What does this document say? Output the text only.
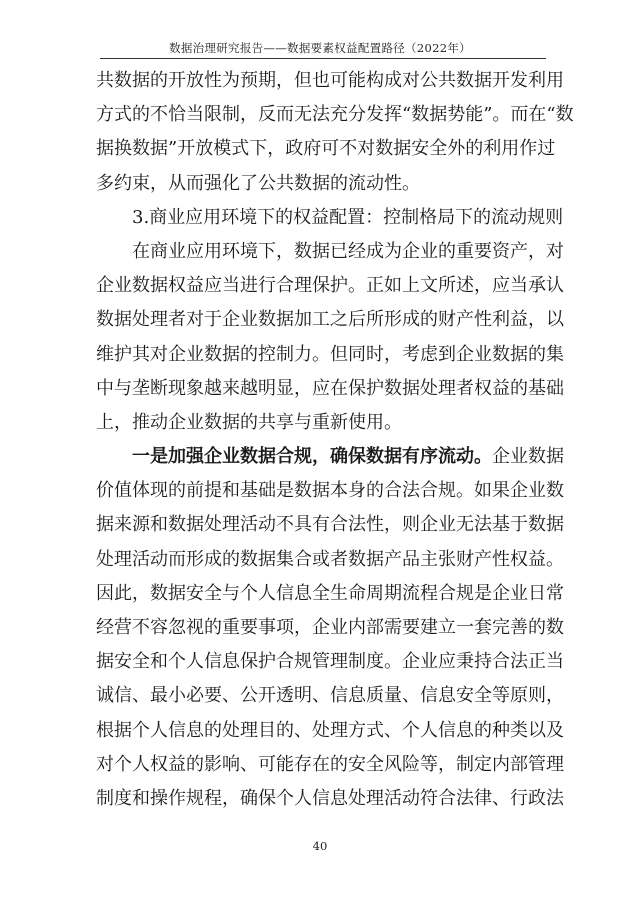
数据治理研究报告——数据要素权益配置路径（2022年）
共数据的开放性为预期，但也可能构成对公共数据开发利用
方式的不恰当限制，反而无法充分发挥“数据势能”。而在“数
据换数据”开放模式下，政府可不对数据安全外的利用作过
多约束，从而强化了公共数据的流动性。
3.商业应用环境下的权益配置：控制格局下的流动规则
在商业应用环境下，数据已经成为企业的重要资产，对
企业数据权益应当进行合理保护。正如上文所述，应当承认
数据处理者对于企业数据加工之后所形成的财产性利益，以
维护其对企业数据的控制力。但同时，考虑到企业数据的集
中与垄断现象越来越明显，应在保护数据处理者权益的基础
上，推动企业数据的共享与重新使用。
一是加强企业数据合规，确保数据有序流动。企业数据
价值体现的前提和基础是数据本身的合法合规。如果企业数
据来源和数据处理活动不具有合法性，则企业无法基于数据
处理活动而形成的数据集合或者数据产品主张财产性权益。
因此，数据安全与个人信息全生命周期流程合规是企业日常
经营不容忽视的重要事项，企业内部需要建立一套完善的数
据安全和个人信息保护合规管理制度。企业应秉持合法正当
诚信、最小必要、公开透明、信息质量、信息安全等原则，
根据个人信息的处理目的、处理方式、个人信息的种类以及
对个人权益的影响、可能存在的安全风险等，制定内部管理
制度和操作规程，确保个人信息处理活动符合法律、行政法
40
